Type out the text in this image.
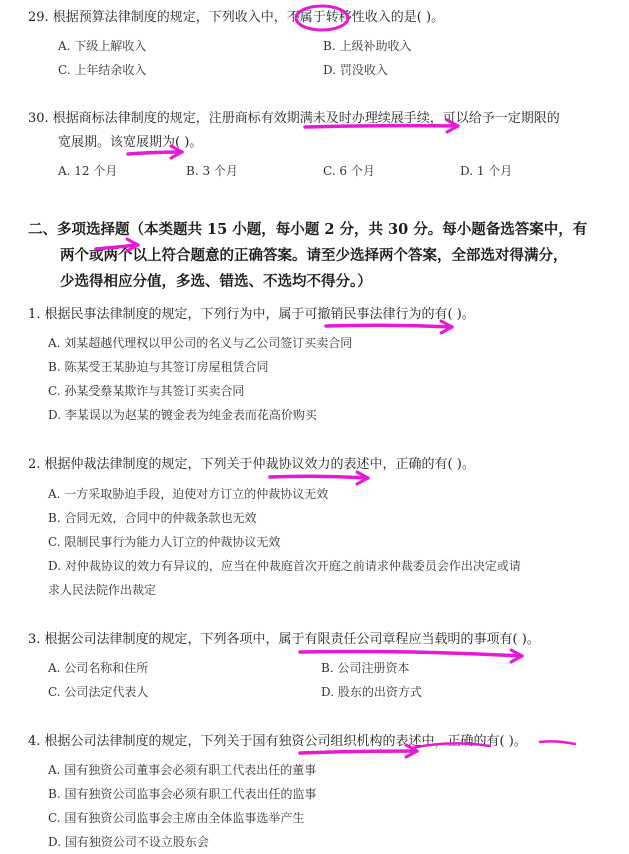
29. 根据预算法律制度的规定，下列收入中，不属于转移性收入的是( )。
A. 下级上解收入	B. 上级补助收入
C. 上年结余收入	D. 罚没收入
30. 根据商标法律制度的规定，注册商标有效期满未及时办理续展手续，可以给予一定期限的
宽展期。该宽展期为( )。
A. 12 个月	B. 3 个月	C. 6 个月	D. 1 个月
二、多项选择题（本类题共 15 小题，每小题 2 分，共 30 分。每小题备选答案中，有
两个或两个以上符合题意的正确答案。请至少选择两个答案，全部选对得满分，
少选得相应分值，多选、错选、不选均不得分。）
1. 根据民事法律制度的规定，下列行为中，属于可撤销民事法律行为的有( )。
A. 刘某超越代理权以甲公司的名义与乙公司签订买卖合同
B. 陈某受王某胁迫与其签订房屋租赁合同
C. 孙某受蔡某欺诈与其签订买卖合同
D. 李某误以为赵某的镀金表为纯金表而花高价购买
2. 根据仲裁法律制度的规定，下列关于仲裁协议效力的表述中，正确的有( )。
A. 一方采取胁迫手段，迫使对方订立的仲裁协议无效
B. 合同无效，合同中的仲裁条款也无效
C. 限制民事行为能力人订立的仲裁协议无效
D. 对仲裁协议的效力有异议的，应当在仲裁庭首次开庭之前请求仲裁委员会作出决定或请
求人民法院作出裁定
3. 根据公司法律制度的规定，下列各项中，属于有限责任公司章程应当载明的事项有( )。
A. 公司名称和住所	B. 公司注册资本
C. 公司法定代表人	D. 股东的出资方式
4. 根据公司法律制度的规定，下列关于国有独资公司组织机构的表述中，正确的有( )。
A. 国有独资公司董事会必须有职工代表出任的董事
B. 国有独资公司监事会必须有职工代表出任的监事
C. 国有独资公司监事会主席由全体监事选举产生
D. 国有独资公司不设立股东会
